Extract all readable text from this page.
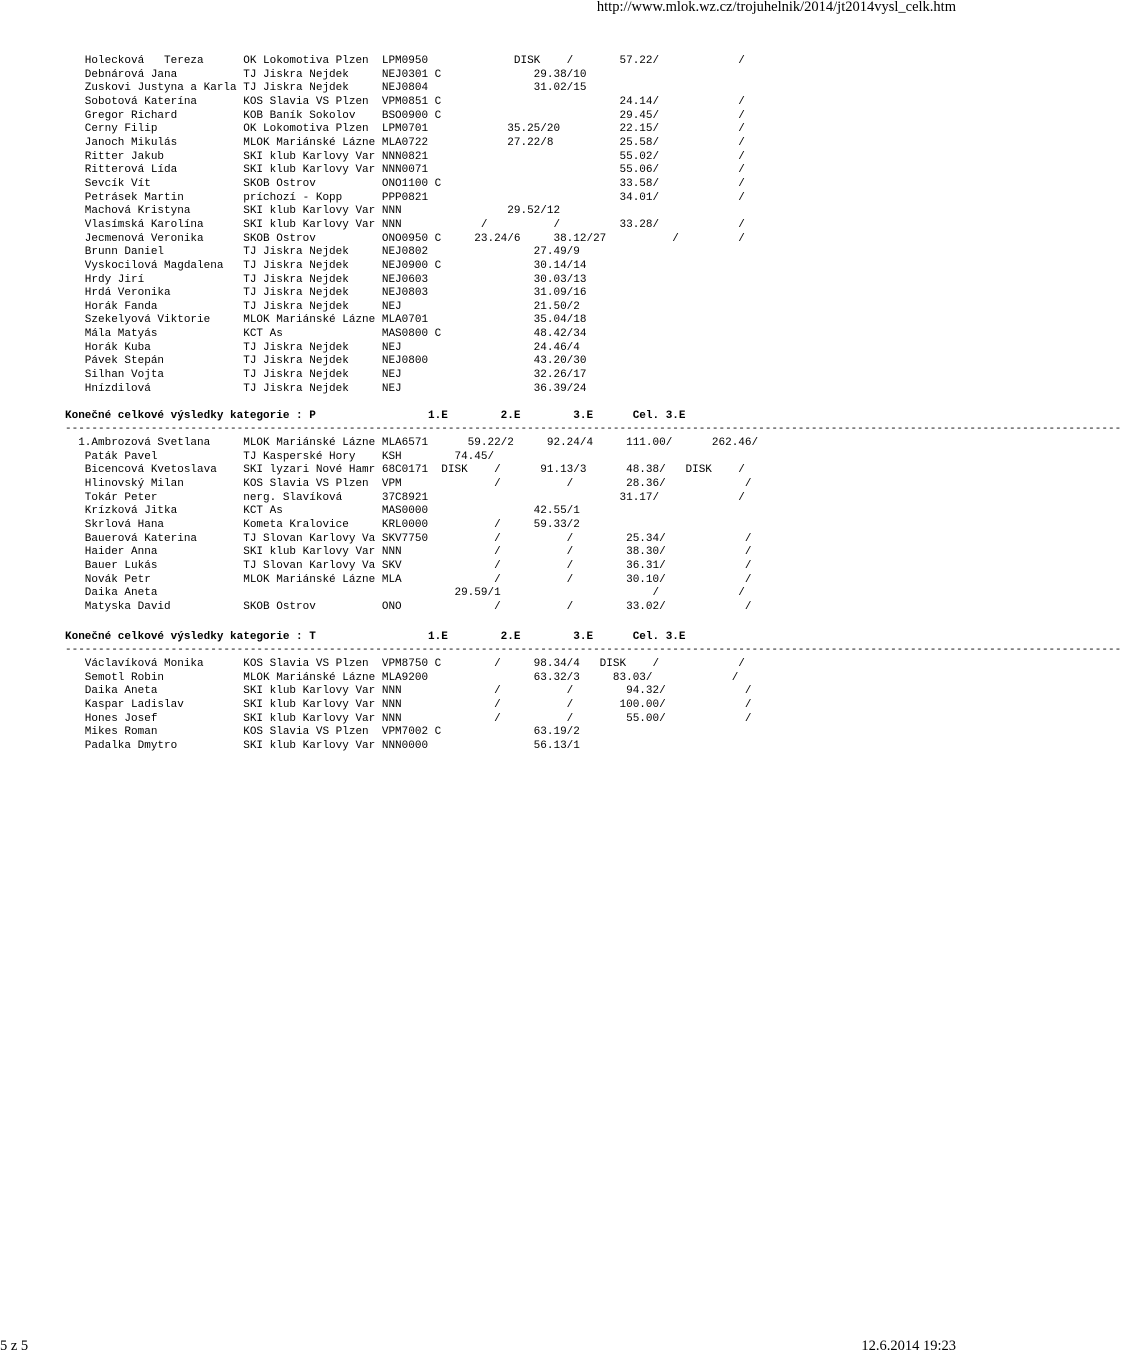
http://www.mlok.wz.cz/trojuhelnik/2014/jt2014vysl_celk.htm
Holecková   Tereza      OK Lokomotiva Plzen  LPM0950             DISK    /       57.22/            /
Debnárová Jana          TJ Jiskra Nejdek     NEJ0301 C              29.38/10
Zuskovi Justyna a Karla TJ Jiskra Nejdek     NEJ0804                31.02/15
Sobotová Katerína       KOS Slavia VS Plzen  VPM0851 C                           24.14/            /
Gregor Richard          KOB Baník Sokolov    BSO0900 C                           29.45/            /
Cerny Filip             OK Lokomotiva Plzen  LPM0701            35.25/20         22.15/            /
Janoch Mikulás          MLOK Mariánské Lázne MLA0722            27.22/8          25.58/            /
Ritter Jakub            SKI klub Karlovy Var NNN0821                             55.02/            /
Ritterová Lída          SKI klub Karlovy Var NNN0071                             55.06/            /
Sevcík Vít              SKOB Ostrov          ONO1100 C                           33.58/            /
Petrásek Martin         príchozí - Kopp      PPP0821                             34.01/            /
Machová Kristyna        SKI klub Karlovy Var NNN                29.52/12
Vlasímská Karolína      SKI klub Karlovy Var NNN            /          /         33.28/            /
Jecmenová Veronika      SKOB Ostrov          ONO0950 C     23.24/6     38.12/27          /         /
Brunn Daniel            TJ Jiskra Nejdek     NEJ0802                27.49/9
Vyskocilová Magdalena   TJ Jiskra Nejdek     NEJ0900 C              30.14/14
Hrdy Jirí               TJ Jiskra Nejdek     NEJ0603                30.03/13
Hrdá Veronika           TJ Jiskra Nejdek     NEJ0803                31.09/16
Horák Fanda             TJ Jiskra Nejdek     NEJ                    21.50/2
Szekelyová Viktorie     MLOK Mariánské Lázne MLA0701                35.04/18
Mála Matyás             KCT As               MAS0800 C              48.42/34
Horák Kuba              TJ Jiskra Nejdek     NEJ                    24.46/4
Pávek Stepán            TJ Jiskra Nejdek     NEJ0800                43.20/30
Silhan Vojta            TJ Jiskra Nejdek     NEJ                    32.26/17
Hnízdilová              TJ Jiskra Nejdek     NEJ                    36.39/24
Konečné celkové výsledky kategorie : P                 1.E        2.E        3.E      Cel. 3.E
----------------------------------------------------------------------------------------------------------------------------------------------------------------
1.Ambrozová Svetlana     MLOK Mariánské Lázne MLA6571      59.22/2     92.24/4     111.00/      262.46/
Paták Pavel             TJ Kasperské Hory    KSH        74.45/
Bicencová Kvetoslava    SKI lyzari Nové Hamr 68C0171  DISK    /      91.13/3      48.38/   DISK    /
Hlinovský Milan         KOS Slavia VS Plzen  VPM              /          /        28.36/            /
Tokár Peter             nerg. Slavíková      37C8921                             31.17/            /
Krízková Jitka          KCT As               MAS0000                42.55/1
Skrlová Hana            Kometa Kralovice     KRL0000          /     59.33/2
Bauerová Katerina       TJ Slovan Karlovy Va SKV7750          /          /        25.34/            /
Haider Anna             SKI klub Karlovy Var NNN              /          /        38.30/            /
Bauer Lukás             TJ Slovan Karlovy Va SKV              /          /        36.31/            /
Novák Petr              MLOK Mariánské Lázne MLA              /          /        30.10/            /
Daika Aneta                                             29.59/1                       /            /
Matyska David           SKOB Ostrov          ONO              /          /        33.02/            /
Konečné celkové výsledky kategorie : T                 1.E        2.E        3.E      Cel. 3.E
----------------------------------------------------------------------------------------------------------------------------------------------------------------
Václavíková Monika      KOS Slavia VS Plzen  VPM8750 C        /     98.34/4   DISK    /            /
Semotl Robin            MLOK Mariánské Lázne MLA9200                63.32/3     83.03/            /
Daika Aneta             SKI klub Karlovy Var NNN              /          /        94.32/            /
Kaspar Ladislav         SKI klub Karlovy Var NNN              /          /       100.00/            /
Hones Josef             SKI klub Karlovy Var NNN              /          /        55.00/            /
Mikes Roman             KOS Slavia VS Plzen  VPM7002 C              63.19/2
Padalka Dmytro          SKI klub Karlovy Var NNN0000                56.13/1
5 z 5	12.6.2014 19:23
